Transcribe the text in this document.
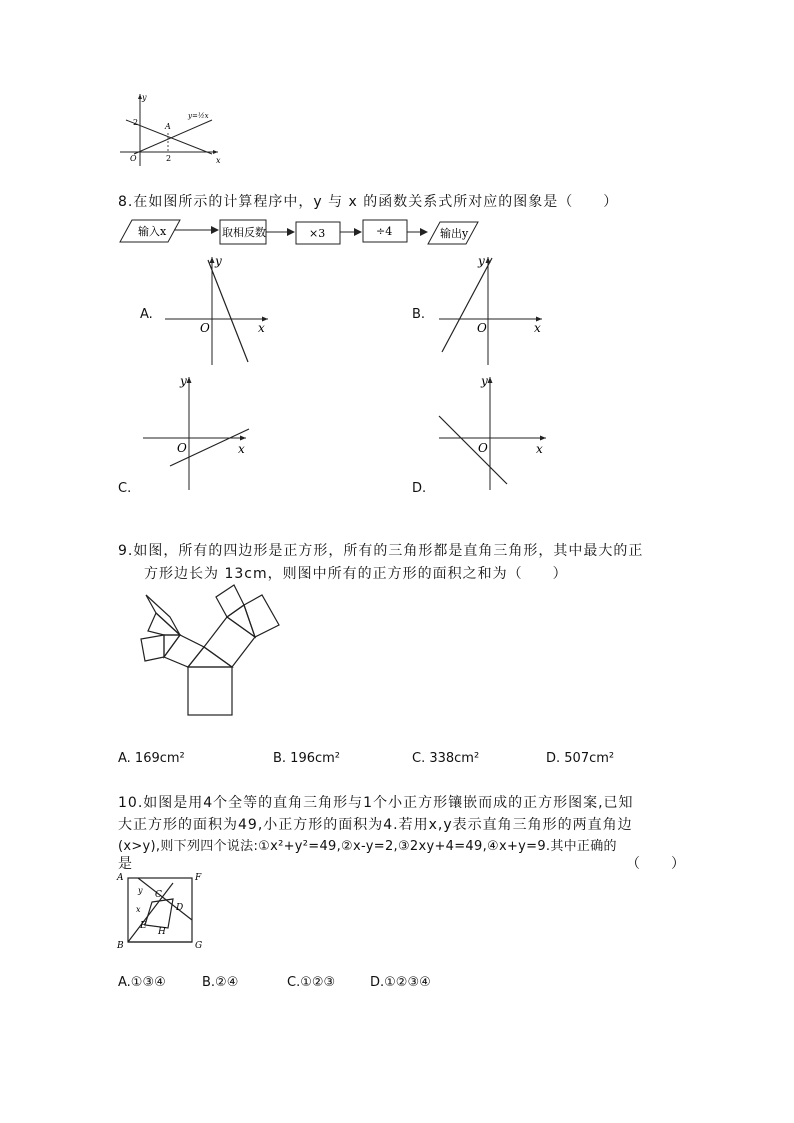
y
x
O
2
2
A
y=½x
8.在如图所示的计算程序中，y 与 x 的函数关系式所对应的图象是（　　）
输入x	取相反数	×3	÷4	输出y
A.
y
x
O
B.
y
x
O
C.
y
x
O
D.
y
x
O
9.如图，所有的四边形是正方形，所有的三角形都是直角三角形，其中最大的正
方形边长为 13cm，则图中所有的正方形的面积之和为（　　）
A. 169cm²	B. 196cm²	C. 338cm²	D. 507cm²
10.如图是用4个全等的直角三角形与1个小正方形镶嵌而成的正方形图案,已知
大正方形的面积为49,小正方形的面积为4.若用x,y表示直角三角形的两直角边
(x>y),则下列四个说法:①x²+y²=49,②x-y=2,③2xy+4=49,④x+y=9.其中正确的
是	（　　）
A	F
B	G
C
D
E
H
x
y
A.①③④	B.②④	C.①②③	D.①②③④
